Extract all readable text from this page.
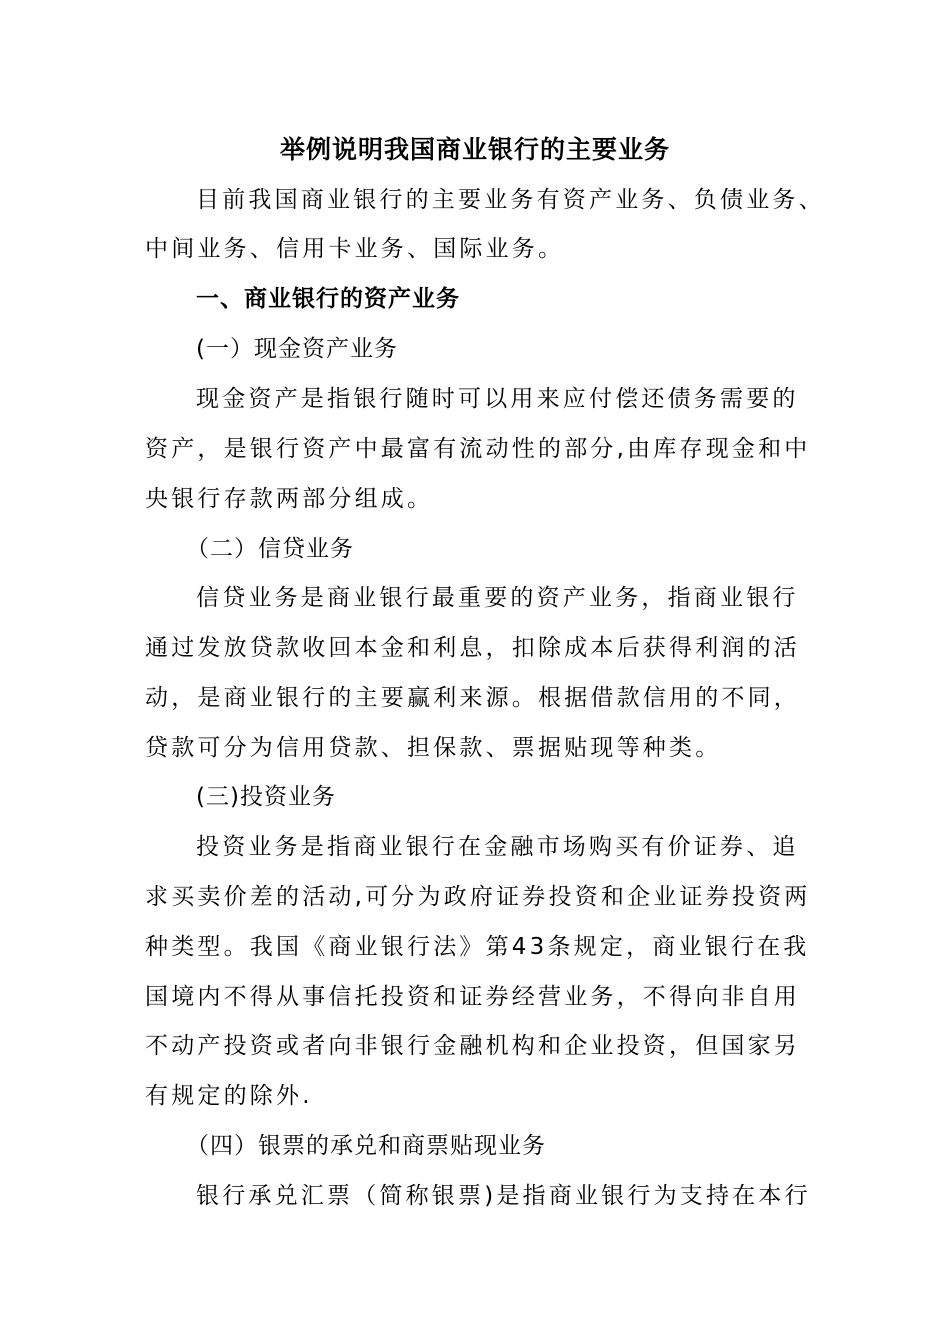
举例说明我国商业银行的主要业务
目前我国商业银行的主要业务有资产业务、负债业务、
中间业务、信用卡业务、国际业务。
一、商业银行的资产业务
(一）现金资产业务
现金资产是指银行随时可以用来应付偿还债务需要的
资产，是银行资产中最富有流动性的部分,由库存现金和中
央银行存款两部分组成。
（二）信贷业务
信贷业务是商业银行最重要的资产业务，指商业银行
通过发放贷款收回本金和利息，扣除成本后获得利润的活
动，是商业银行的主要赢利来源。根据借款信用的不同，
贷款可分为信用贷款、担保款、票据贴现等种类。
(三)投资业务
投资业务是指商业银行在金融市场购买有价证券、追
求买卖价差的活动,可分为政府证券投资和企业证券投资两
种类型。我国《商业银行法》第43条规定，商业银行在我
国境内不得从事信托投资和证券经营业务，不得向非自用
不动产投资或者向非银行金融机构和企业投资，但国家另
有规定的除外.
（四）银票的承兑和商票贴现业务
银行承兑汇票（简称银票)是指商业银行为支持在本行
